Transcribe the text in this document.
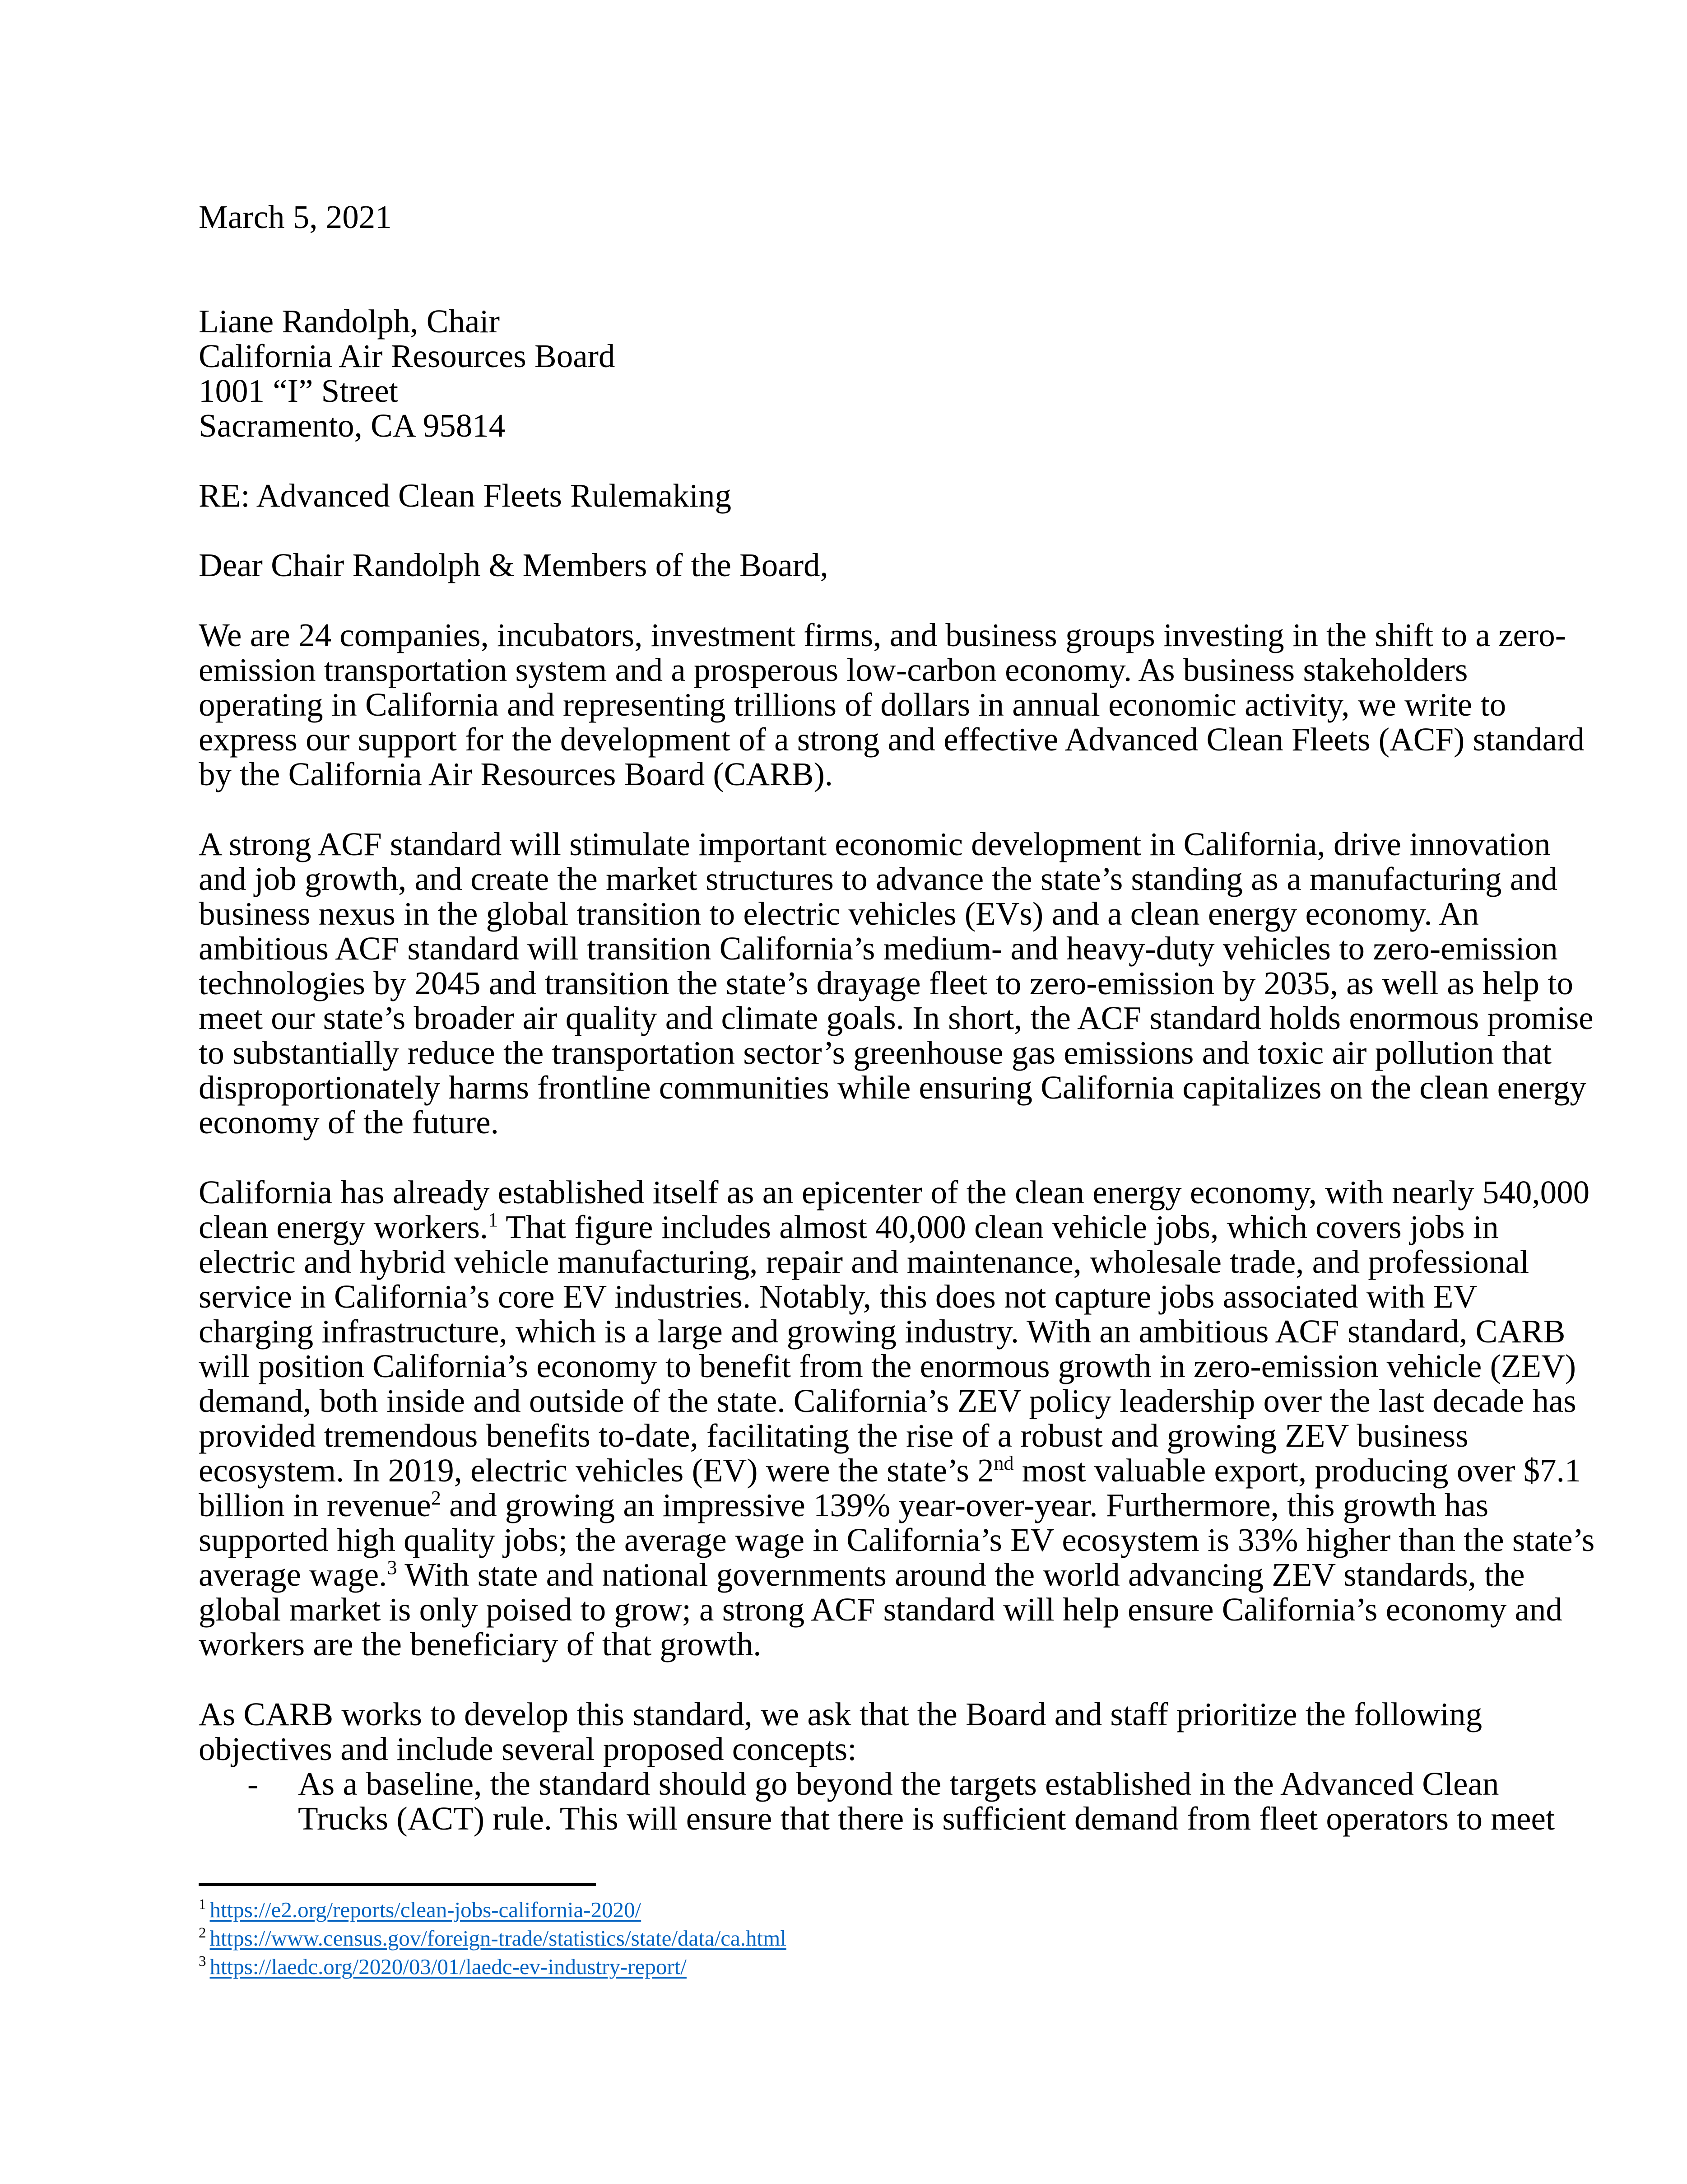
March 5, 2021
Liane Randolph, Chair
California Air Resources Board
1001 “I” Street
Sacramento, CA 95814
RE: Advanced Clean Fleets Rulemaking
Dear Chair Randolph & Members of the Board,
We are 24 companies, incubators, investment firms, and business groups investing in the shift to a zero-
emission transportation system and a prosperous low-carbon economy. As business stakeholders
operating in California and representing trillions of dollars in annual economic activity, we write to
express our support for the development of a strong and effective Advanced Clean Fleets (ACF) standard
by the California Air Resources Board (CARB).
A strong ACF standard will stimulate important economic development in California, drive innovation
and job growth, and create the market structures to advance the state’s standing as a manufacturing and
business nexus in the global transition to electric vehicles (EVs) and a clean energy economy. An
ambitious ACF standard will transition California’s medium- and heavy-duty vehicles to zero-emission
technologies by 2045 and transition the state’s drayage fleet to zero-emission by 2035, as well as help to
meet our state’s broader air quality and climate goals. In short, the ACF standard holds enormous promise
to substantially reduce the transportation sector’s greenhouse gas emissions and toxic air pollution that
disproportionately harms frontline communities while ensuring California capitalizes on the clean energy
economy of the future.
California has already established itself as an epicenter of the clean energy economy, with nearly 540,000
clean energy workers.$^1$ That figure includes almost 40,000 clean vehicle jobs, which covers jobs in
electric and hybrid vehicle manufacturing, repair and maintenance, wholesale trade, and professional
service in California’s core EV industries. Notably, this does not capture jobs associated with EV
charging infrastructure, which is a large and growing industry. With an ambitious ACF standard, CARB
will position California’s economy to benefit from the enormous growth in zero-emission vehicle (ZEV)
demand, both inside and outside of the state. California’s ZEV policy leadership over the last decade has
provided tremendous benefits to-date, facilitating the rise of a robust and growing ZEV business
ecosystem. In 2019, electric vehicles (EV) were the state’s 2nd most valuable export, producing over $7.1
billion in revenue$^2$ and growing an impressive 139% year-over-year. Furthermore, this growth has
supported high quality jobs; the average wage in California’s EV ecosystem is 33% higher than the state’s
average wage.$^3$ With state and national governments around the world advancing ZEV standards, the
global market is only poised to grow; a strong ACF standard will help ensure California’s economy and
workers are the beneficiary of that growth.
As CARB works to develop this standard, we ask that the Board and staff prioritize the following
objectives and include several proposed concepts:
- As a baseline, the standard should go beyond the targets established in the Advanced Clean
Trucks (ACT) rule. This will ensure that there is sufficient demand from fleet operators to meet
$^1$ https://e2.org/reports/clean-jobs-california-2020/
$^2$ https://www.census.gov/foreign-trade/statistics/state/data/ca.html
$^3$ https://laedc.org/2020/03/01/laedc-ev-industry-report/
